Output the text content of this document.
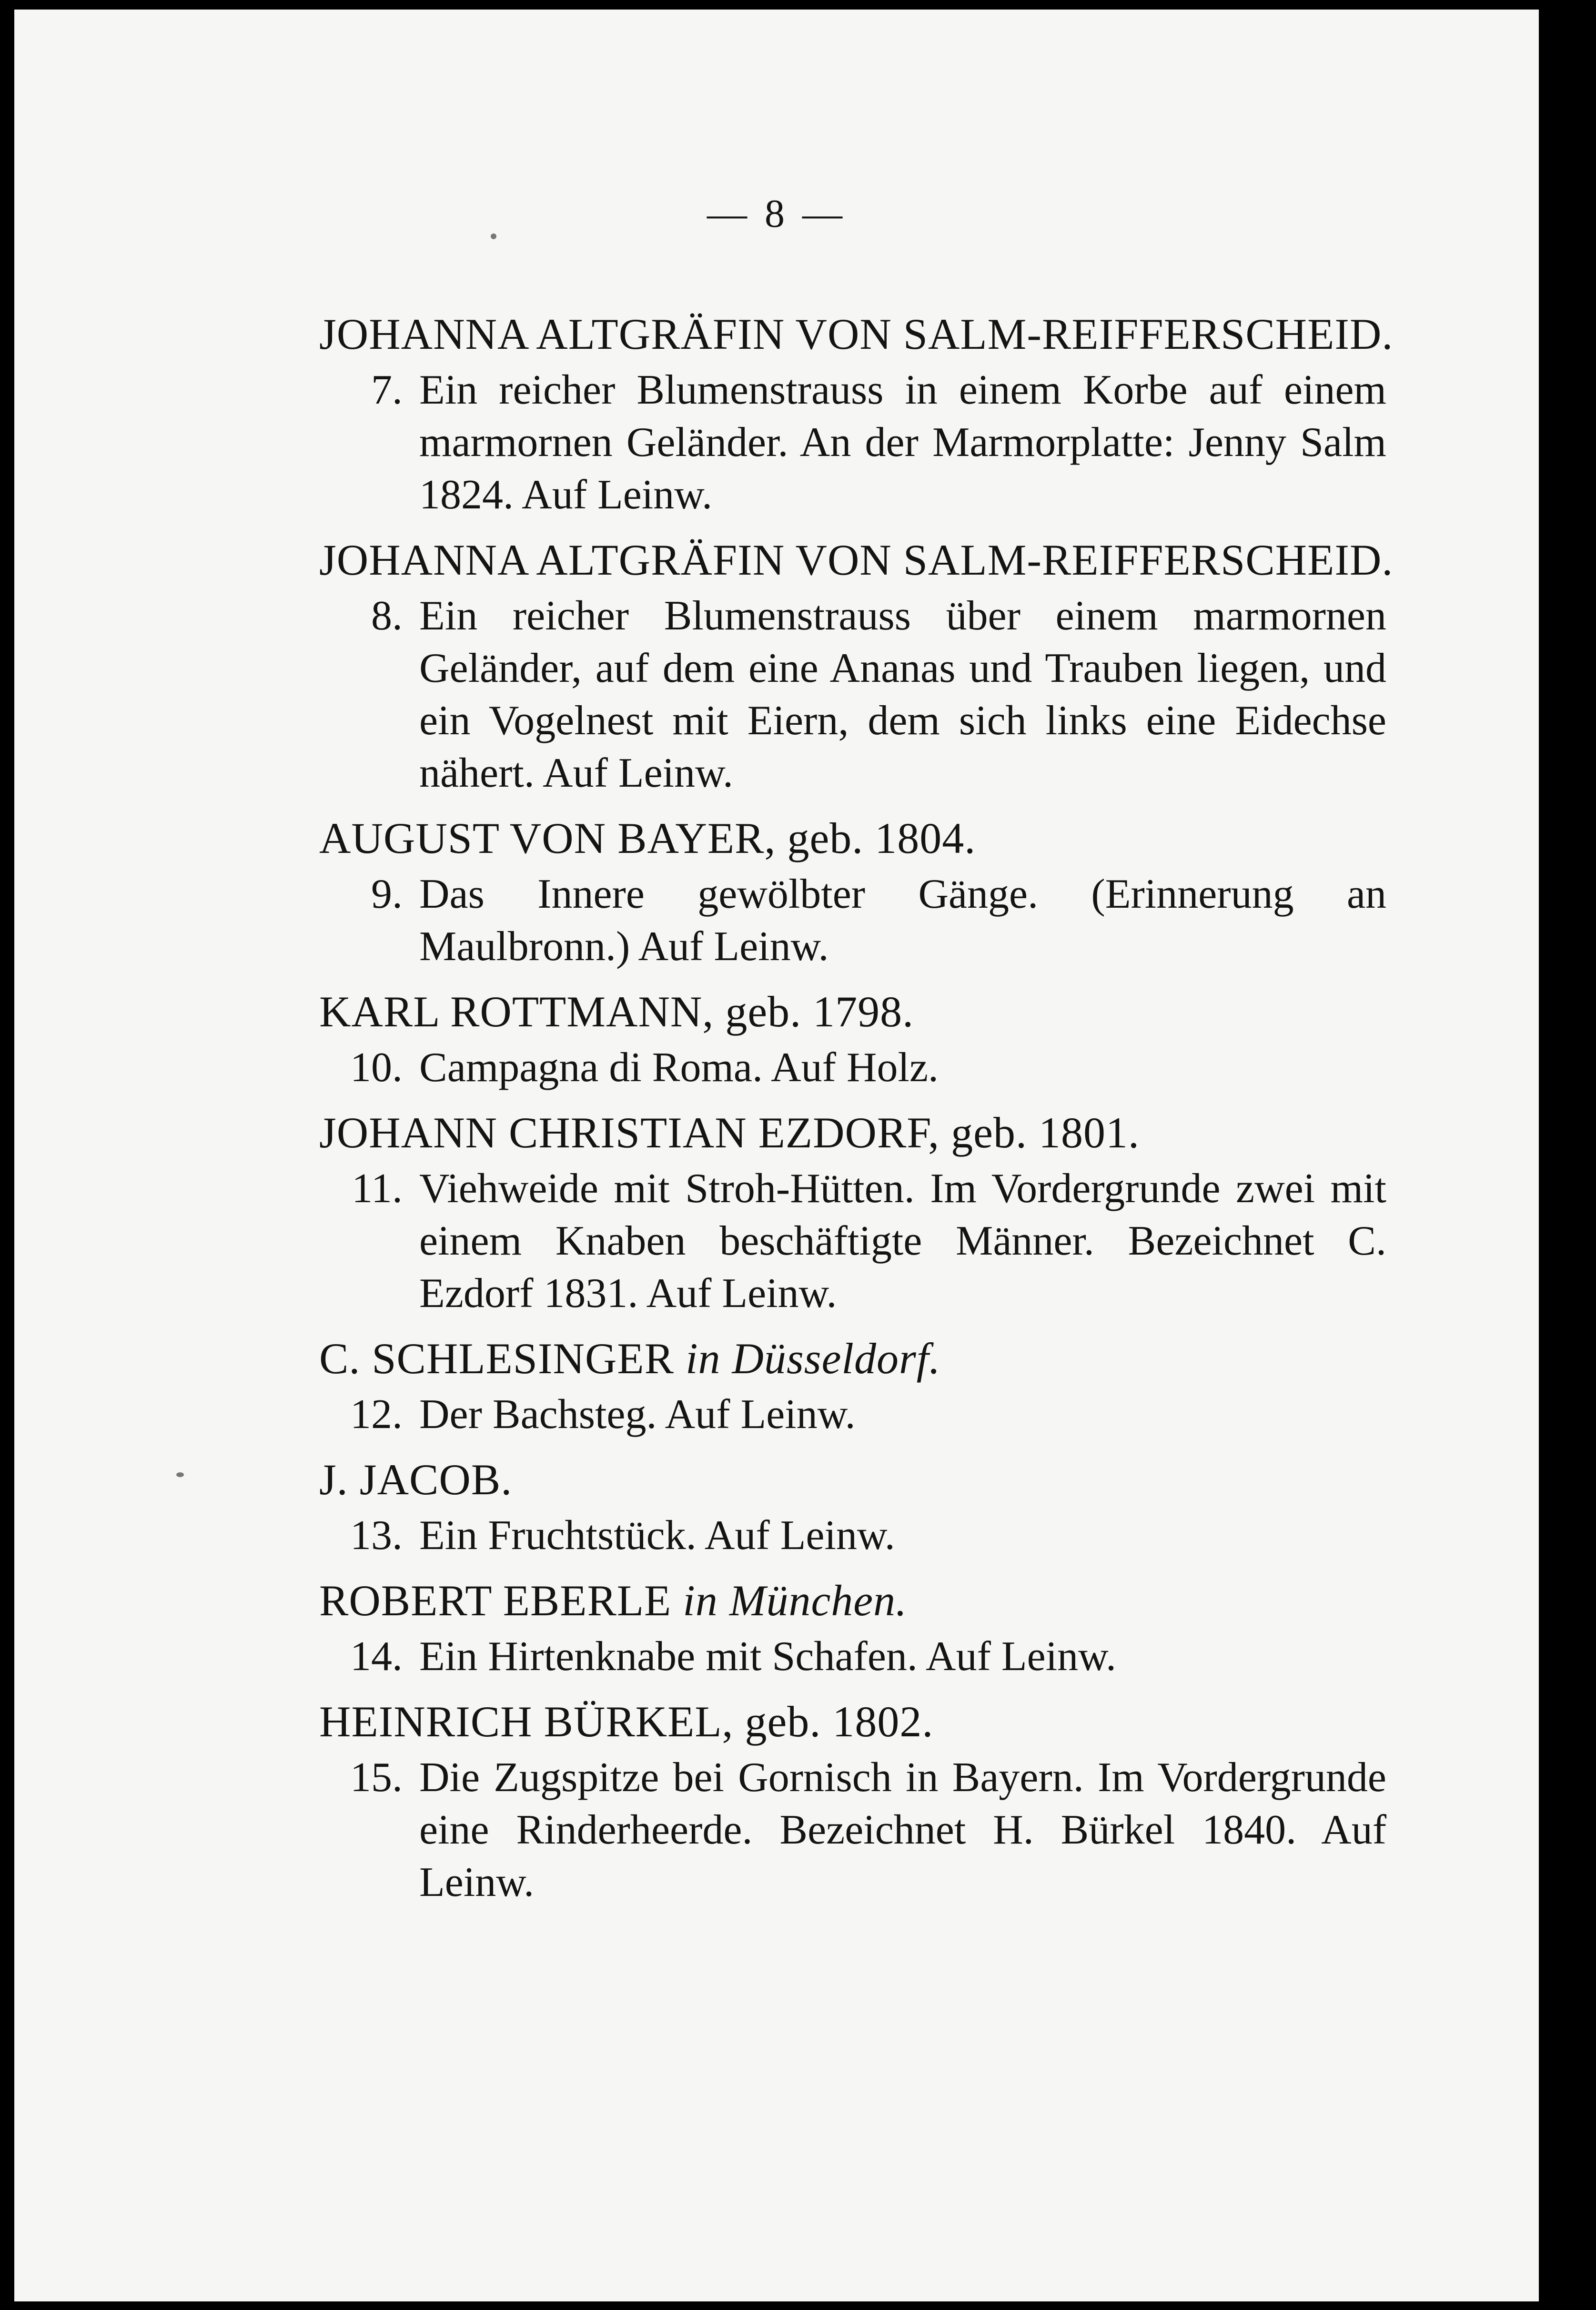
— 8 —
JOHANNA ALTGRÄFIN VON SALM-REIFFERSCHEID.
7. Ein reicher Blumenstrauss in einem Korbe auf einem marmornen Geländer. An der Marmorplatte: Jenny Salm 1824. Auf Leinw.
JOHANNA ALTGRÄFIN VON SALM-REIFFERSCHEID.
8. Ein reicher Blumenstrauss über einem marmornen Geländer, auf dem eine Ananas und Trauben liegen, und ein Vogelnest mit Eiern, dem sich links eine Eidechse nähert. Auf Leinw.
AUGUST VON BAYER, geb. 1804.
9. Das Innere gewölbter Gänge. (Erinnerung an Maulbronn.) Auf Leinw.
KARL ROTTMANN, geb. 1798.
10. Campagna di Roma. Auf Holz.
JOHANN CHRISTIAN EZDORF, geb. 1801.
11. Viehweide mit Stroh-Hütten. Im Vordergrunde zwei mit einem Knaben beschäftigte Männer. Bezeichnet C. Ezdorf 1831. Auf Leinw.
C. SCHLESINGER in Düsseldorf.
12. Der Bachsteg. Auf Leinw.
J. JACOB.
13. Ein Fruchtstück. Auf Leinw.
ROBERT EBERLE in München.
14. Ein Hirtenknabe mit Schafen. Auf Leinw.
HEINRICH BÜRKEL, geb. 1802.
15. Die Zugspitze bei Gornisch in Bayern. Im Vordergrunde eine Rinderheerde. Bezeichnet H. Bürkel 1840. Auf Leinw.
